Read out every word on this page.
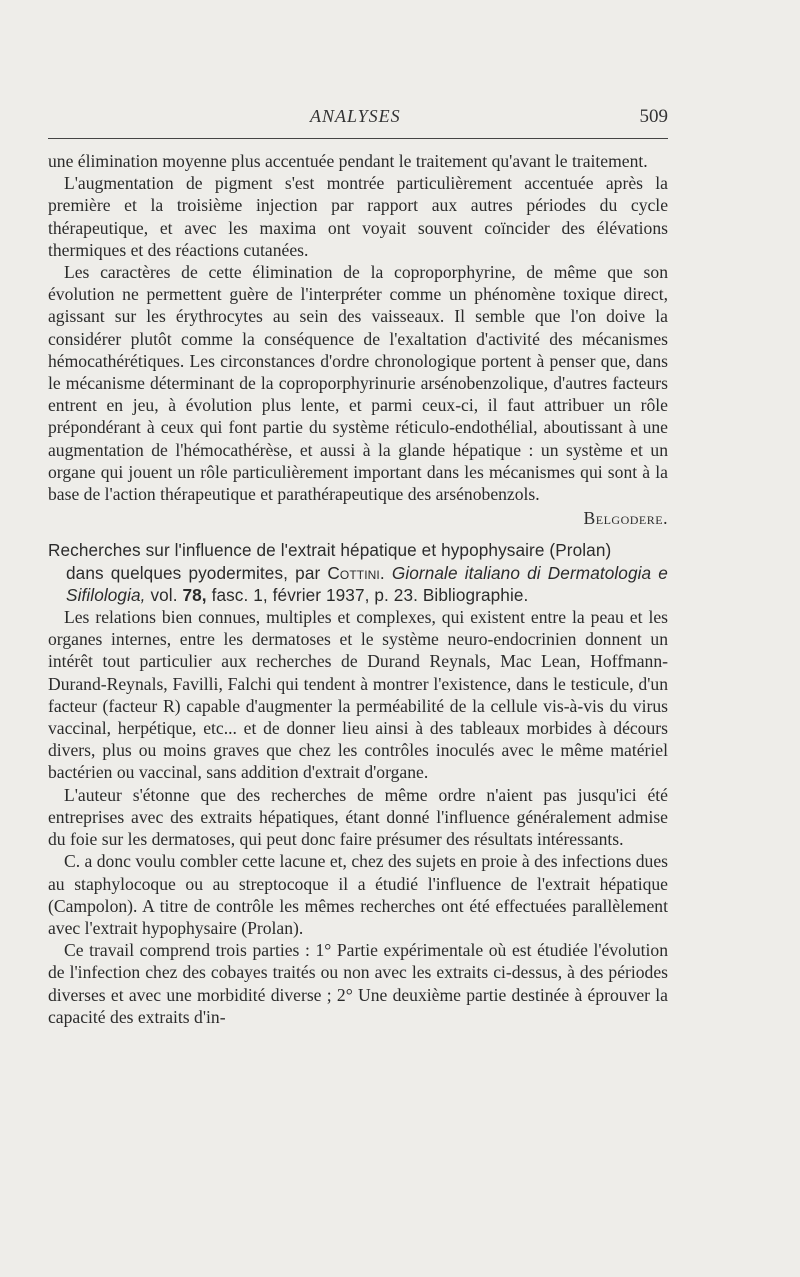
ANALYSES	509

une élimination moyenne plus accentuée pendant le traitement qu'avant le traitement.

L'augmentation de pigment s'est montrée particulièrement accentuée après la première et la troisième injection par rapport aux autres périodes du cycle thérapeutique, et avec les maxima ont voyait souvent coïncider des élévations thermiques et des réactions cutanées.

Les caractères de cette élimination de la coproporphyrine, de même que son évolution ne permettent guère de l'interpréter comme un phénomène toxique direct, agissant sur les érythrocytes au sein des vaisseaux. Il semble que l'on doive la considérer plutôt comme la conséquence de l'exaltation d'activité des mécanismes hémocathérétiques. Les circonstances d'ordre chronologique portent à penser que, dans le mécanisme déterminant de la coproporphyrinurie arsénobenzolique, d'autres facteurs entrent en jeu, à évolution plus lente, et parmi ceux-ci, il faut attribuer un rôle prépondérant à ceux qui font partie du système réticulo-endothélial, aboutissant à une augmentation de l'hémocathérèse, et aussi à la glande hépatique : un système et un organe qui jouent un rôle particulièrement important dans les mécanismes qui sont à la base de l'action thérapeutique et parathérapeutique des arsénobenzols.

Belgodere.

Recherches sur l'influence de l'extrait hépatique et hypophysaire (Prolan)

dans quelques pyodermites, par Cottini. Giornale italiano di Dermatologia e Sifilologia, vol. 78, fasc. 1, février 1937, p. 23. Bibliographie.

Les relations bien connues, multiples et complexes, qui existent entre la peau et les organes internes, entre les dermatoses et le système neuro-endocrinien donnent un intérêt tout particulier aux recherches de Durand Reynals, Mac Lean, Hoffmann-Durand-Reynals, Favilli, Falchi qui tendent à montrer l'existence, dans le testicule, d'un facteur (facteur R) capable d'augmenter la perméabilité de la cellule vis-à-vis du virus vaccinal, herpétique, etc... et de donner lieu ainsi à des tableaux morbides à décours divers, plus ou moins graves que chez les contrôles inoculés avec le même matériel bactérien ou vaccinal, sans addition d'extrait d'organe.

L'auteur s'étonne que des recherches de même ordre n'aient pas jusqu'ici été entreprises avec des extraits hépatiques, étant donné l'influence généralement admise du foie sur les dermatoses, qui peut donc faire présumer des résultats intéressants.

C. a donc voulu combler cette lacune et, chez des sujets en proie à des infections dues au staphylocoque ou au streptocoque il a étudié l'influence de l'extrait hépatique (Campolon). A titre de contrôle les mêmes recherches ont été effectuées parallèlement avec l'extrait hypophysaire (Prolan).

Ce travail comprend trois parties : 1° Partie expérimentale où est étudiée l'évolution de l'infection chez des cobayes traités ou non avec les extraits ci-dessus, à des périodes diverses et avec une morbidité diverse ; 2° Une deuxième partie destinée à éprouver la capacité des extraits d'in-
